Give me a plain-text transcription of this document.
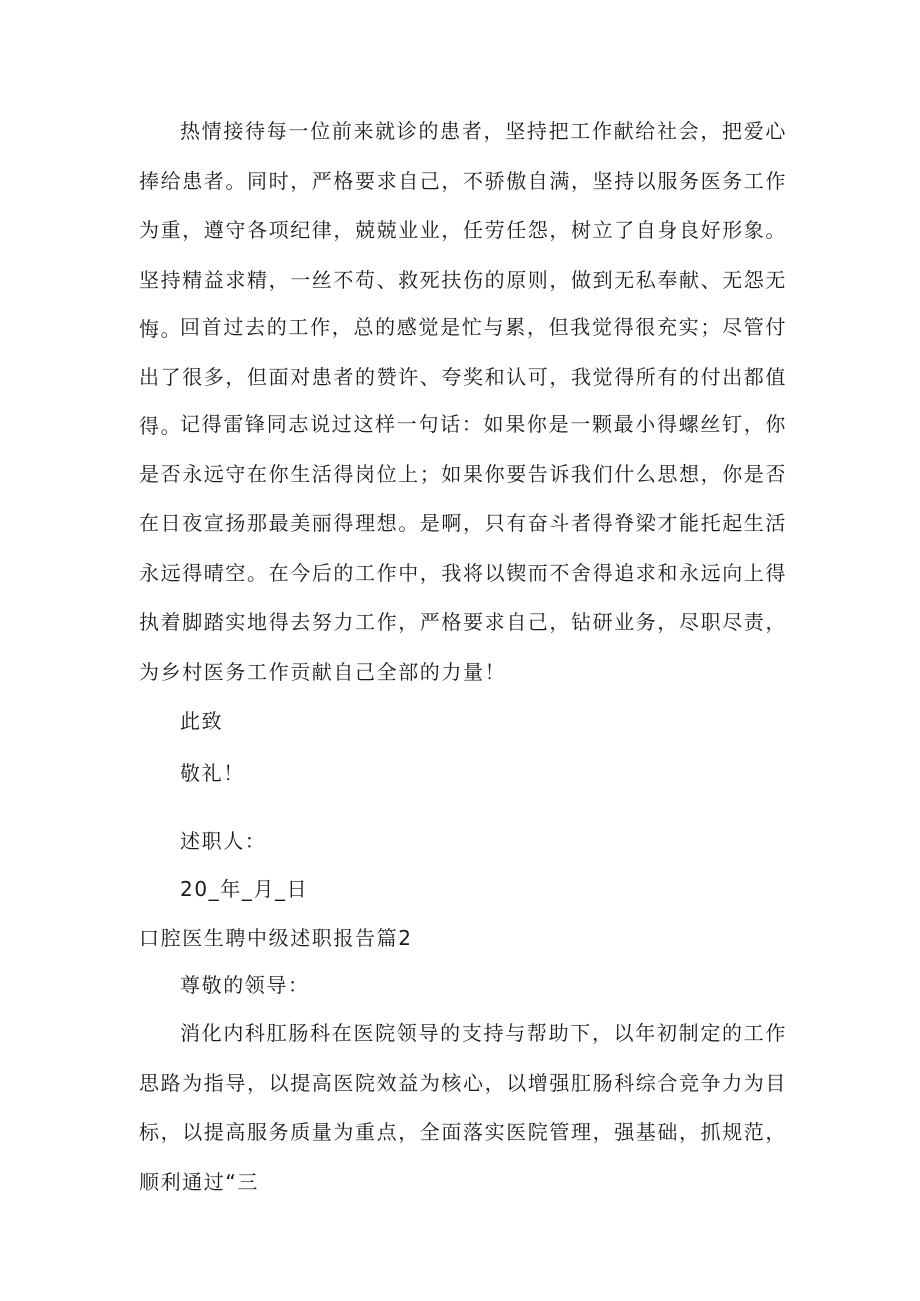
热情接待每一位前来就诊的患者，坚持把工作献给社会，把爱心捧给患者。同时，严格要求自己，不骄傲自满，坚持以服务医务工作为重，遵守各项纪律，兢兢业业，任劳任怨，树立了自身良好形象。坚持精益求精，一丝不苟、救死扶伤的原则，做到无私奉献、无怨无悔。

回首过去的工作，总的感觉是忙与累，但我觉得很充实；尽管付出了很多，但面对患者的赞许、夸奖和认可，我觉得所有的付出都值得。

记得雷锋同志说过这样一句话：如果你是一颗最小得螺丝钉，你是否永远守在你生活得岗位上；如果你要告诉我们什么思想，你是否在日夜宣扬那最美丽得理想。是啊，只有奋斗者得脊梁才能托起生活永远得晴空。在今后的工作中，我将以锲而不舍得追求和永远向上得执着脚踏实地得去努力工作，严格要求自己，钻研业务，尽职尽责，为乡村医务工作贡献自己全部的力量！

此致

敬礼！

述职人：

20_年_月_日

口腔医生聘中级述职报告篇2

尊敬的领导：

消化内科肛肠科在医院领导的支持与帮助下，以年初制定的工作思路为指导，以提高医院效益为核心，以增强肛肠科综合竞争力为目标，以提高服务质量为重点，全面落实医院管理，强基础，抓规范，顺利通过“三
